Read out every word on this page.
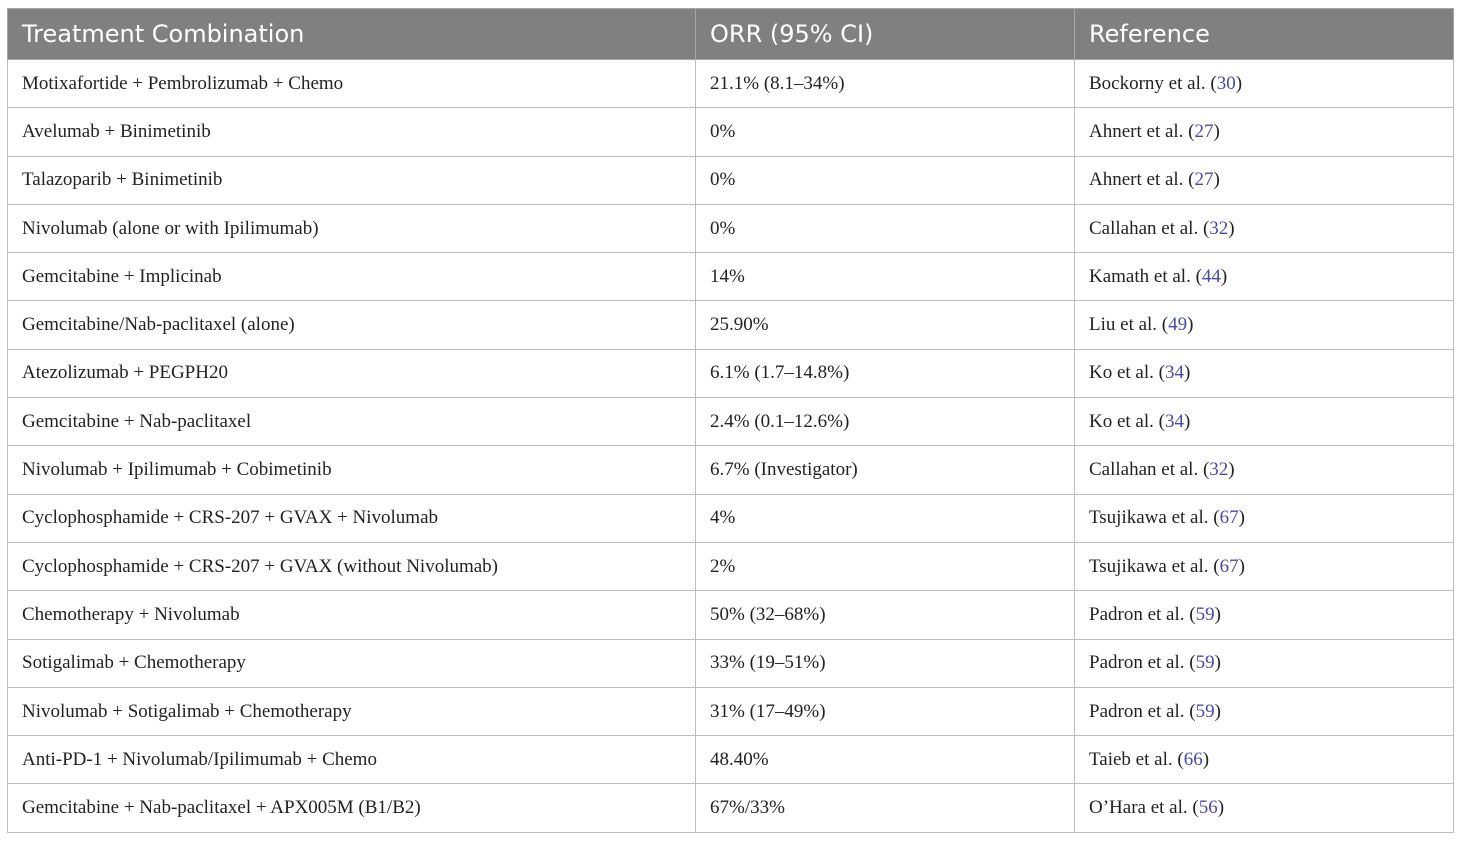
Treatment Combination	ORR (95% CI)	Reference
Motixafortide + Pembrolizumab + Chemo	21.1% (8.1–34%)	Bockorny et al. (30)
Avelumab + Binimetinib	0%	Ahnert et al. (27)
Talazoparib + Binimetinib	0%	Ahnert et al. (27)
Nivolumab (alone or with Ipilimumab)	0%	Callahan et al. (32)
Gemcitabine + Implicinab	14%	Kamath et al. (44)
Gemcitabine/Nab-paclitaxel (alone)	25.90%	Liu et al. (49)
Atezolizumab + PEGPH20	6.1% (1.7–14.8%)	Ko et al. (34)
Gemcitabine + Nab-paclitaxel	2.4% (0.1–12.6%)	Ko et al. (34)
Nivolumab + Ipilimumab + Cobimetinib	6.7% (Investigator)	Callahan et al. (32)
Cyclophosphamide + CRS-207 + GVAX + Nivolumab	4%	Tsujikawa et al. (67)
Cyclophosphamide + CRS-207 + GVAX (without Nivolumab)	2%	Tsujikawa et al. (67)
Chemotherapy + Nivolumab	50% (32–68%)	Padron et al. (59)
Sotigalimab + Chemotherapy	33% (19–51%)	Padron et al. (59)
Nivolumab + Sotigalimab + Chemotherapy	31% (17–49%)	Padron et al. (59)
Anti-PD-1 + Nivolumab/Ipilimumab + Chemo	48.40%	Taieb et al. (66)
Gemcitabine + Nab-paclitaxel + APX005M (B1/B2)	67%/33%	O’Hara et al. (56)
